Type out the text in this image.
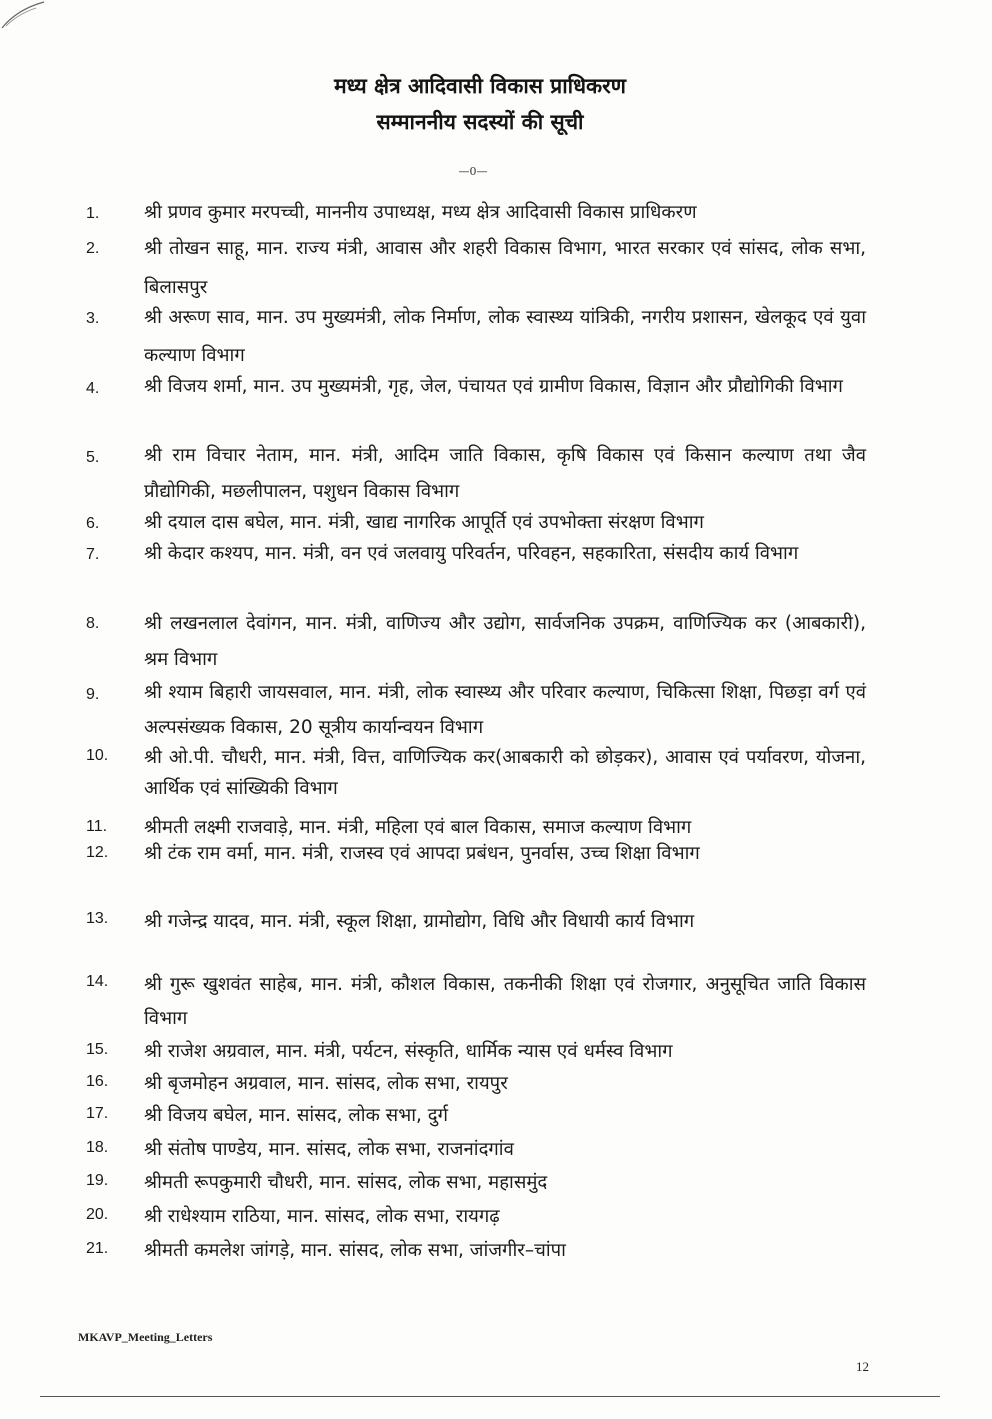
मध्य क्षेत्र आदिवासी विकास प्राधिकरण
सम्माननीय सदस्यों की सूची
—0—
1.	श्री प्रणव कुमार मरपच्ची, माननीय उपाध्यक्ष, मध्य क्षेत्र आदिवासी विकास प्राधिकरण
2.	श्री तोखन साहू, मान. राज्य मंत्री, आवास और शहरी विकास विभाग, भारत सरकार एवं सांसद, लोक सभा, बिलासपुर
3.	श्री अरूण साव, मान. उप मुख्यमंत्री, लोक निर्माण, लोक स्वास्थ्य यांत्रिकी, नगरीय प्रशासन, खेलकूद एवं युवा कल्याण विभाग
4.	श्री विजय शर्मा, मान. उप मुख्यमंत्री, गृह, जेल, पंचायत एवं ग्रामीण विकास, विज्ञान और प्रौद्योगिकी विभाग
5.	श्री राम विचार नेताम, मान. मंत्री, आदिम जाति विकास, कृषि विकास एवं किसान कल्याण तथा जैव प्रौद्योगिकी, मछलीपालन, पशुधन विकास विभाग
6.	श्री दयाल दास बघेल, मान. मंत्री, खाद्य नागरिक आपूर्ति एवं उपभोक्ता संरक्षण विभाग
7.	श्री केदार कश्यप, मान. मंत्री, वन एवं जलवायु परिवर्तन, परिवहन, सहकारिता, संसदीय कार्य विभाग
8.	श्री लखनलाल देवांगन, मान. मंत्री, वाणिज्य और उद्योग, सार्वजनिक उपक्रम, वाणिज्यिक कर (आबकारी), श्रम विभाग
9.	श्री श्याम बिहारी जायसवाल, मान. मंत्री, लोक स्वास्थ्य और परिवार कल्याण, चिकित्सा शिक्षा, पिछड़ा वर्ग एवं अल्पसंख्यक विकास, 20 सूत्रीय कार्यान्वयन विभाग
10.	श्री ओ.पी. चौधरी, मान. मंत्री, वित्त, वाणिज्यिक कर(आबकारी को छोड़कर), आवास एवं पर्यावरण, योजना, आर्थिक एवं सांख्यिकी विभाग
11.	श्रीमती लक्ष्मी राजवाड़े, मान. मंत्री, महिला एवं बाल विकास, समाज कल्याण विभाग
12.	श्री टंक राम वर्मा, मान. मंत्री, राजस्व एवं आपदा प्रबंधन, पुनर्वास, उच्च शिक्षा विभाग
13.	श्री गजेन्द्र यादव, मान. मंत्री, स्कूल शिक्षा, ग्रामोद्योग, विधि और विधायी कार्य विभाग
14.	श्री गुरू खुशवंत साहेब, मान. मंत्री, कौशल विकास, तकनीकी शिक्षा एवं रोजगार, अनुसूचित जाति विकास विभाग
15.	श्री राजेश अग्रवाल, मान. मंत्री, पर्यटन, संस्कृति, धार्मिक न्यास एवं धर्मस्व विभाग
16.	श्री बृजमोहन अग्रवाल, मान. सांसद, लोक सभा, रायपुर
17.	श्री विजय बघेल, मान. सांसद, लोक सभा, दुर्ग
18.	श्री संतोष पाण्डेय, मान. सांसद, लोक सभा, राजनांदगांव
19.	श्रीमती रूपकुमारी चौधरी, मान. सांसद, लोक सभा, महासमुंद
20.	श्री राधेश्याम राठिया, मान. सांसद, लोक सभा, रायगढ़
21.	श्रीमती कमलेश जांगड़े, मान. सांसद, लोक सभा, जांजगीर–चांपा
MKAVP_Meeting_Letters
12
